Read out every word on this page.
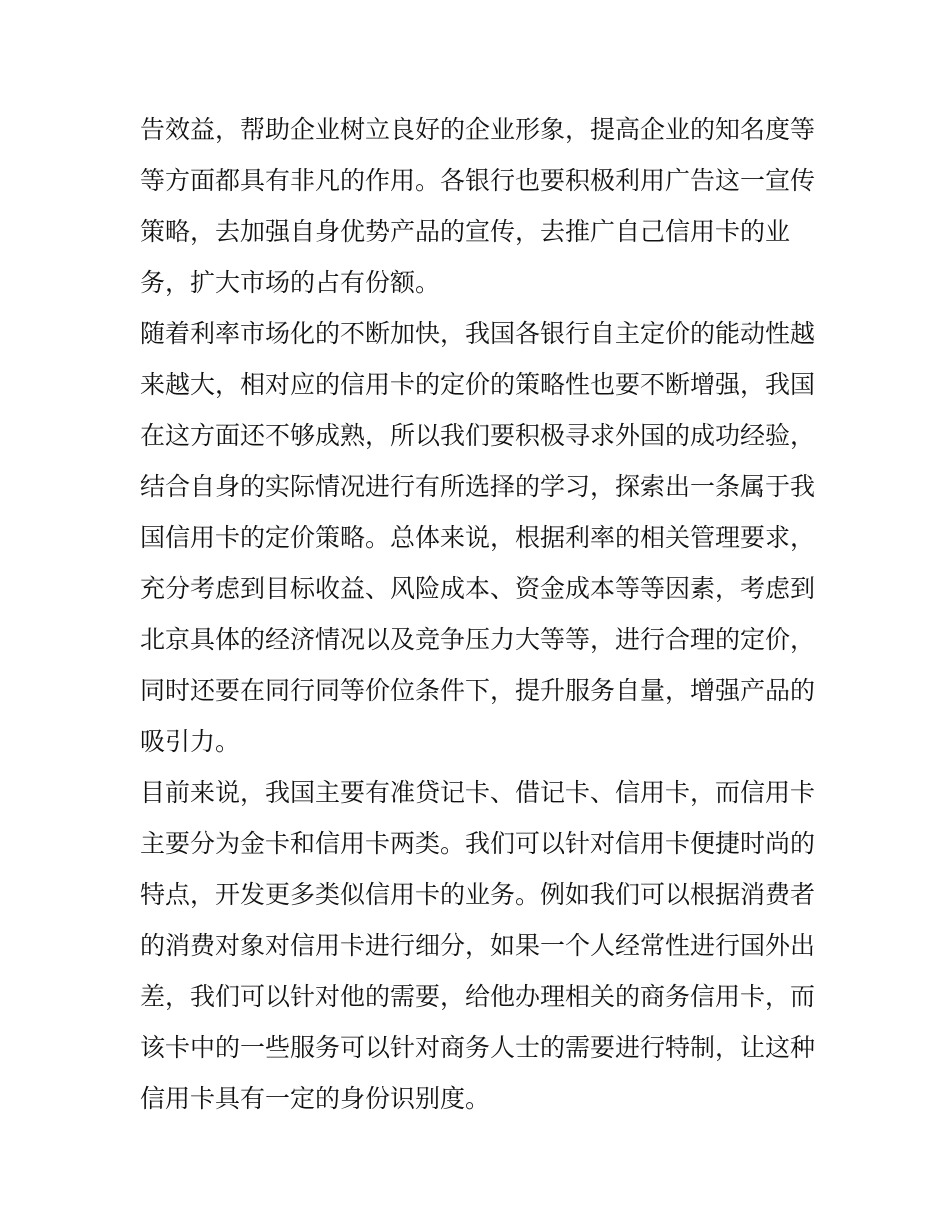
告效益，帮助企业树立良好的企业形象，提高企业的知名度等
等方面都具有非凡的作用。各银行也要积极利用广告这一宣传
策略，去加强自身优势产品的宣传，去推广自己信用卡的业
务，扩大市场的占有份额。
随着利率市场化的不断加快，我国各银行自主定价的能动性越
来越大，相对应的信用卡的定价的策略性也要不断增强，我国
在这方面还不够成熟，所以我们要积极寻求外国的成功经验，
结合自身的实际情况进行有所选择的学习，探索出一条属于我
国信用卡的定价策略。总体来说，根据利率的相关管理要求，
充分考虑到目标收益、风险成本、资金成本等等因素，考虑到
北京具体的经济情况以及竞争压力大等等，进行合理的定价，
同时还要在同行同等价位条件下，提升服务自量，增强产品的
吸引力。
目前来说，我国主要有准贷记卡、借记卡、信用卡，而信用卡
主要分为金卡和信用卡两类。我们可以针对信用卡便捷时尚的
特点，开发更多类似信用卡的业务。例如我们可以根据消费者
的消费对象对信用卡进行细分，如果一个人经常性进行国外出
差，我们可以针对他的需要，给他办理相关的商务信用卡，而
该卡中的一些服务可以针对商务人士的需要进行特制，让这种
信用卡具有一定的身份识别度。
